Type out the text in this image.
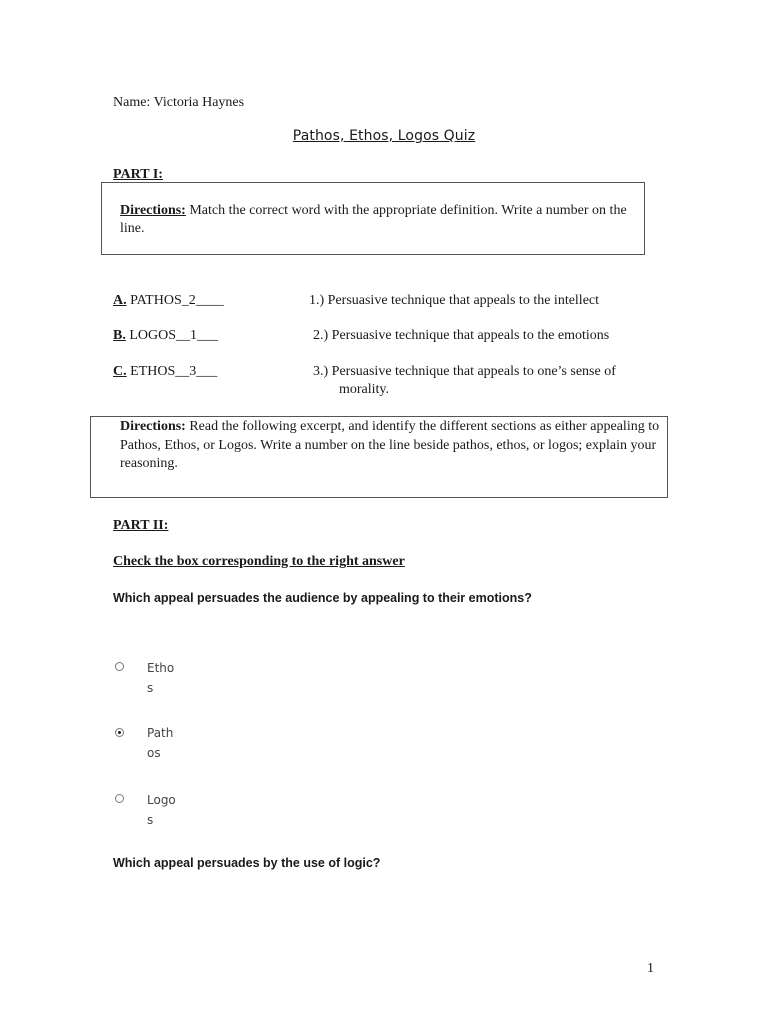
Name: Victoria Haynes
Pathos, Ethos, Logos Quiz
PART I:
Directions: Match the correct word with the appropriate definition. Write a number on the line.
A. PATHOS_2____	1.) Persuasive technique that appeals to the intellect
B. LOGOS__1___	2.) Persuasive technique that appeals to the emotions
C. ETHOS__3___	3.) Persuasive technique that appeals to one’s sense of
morality.
Directions: Read the following excerpt, and identify the different sections as either appealing to Pathos, Ethos, or Logos. Write a number on the line beside pathos, ethos, or logos; explain your reasoning.
PART II:
Check the box corresponding to the right answer
Which appeal persuades the audience by appealing to their emotions?
Ethos
Pathos
Logos
Which appeal persuades by the use of logic?
1
